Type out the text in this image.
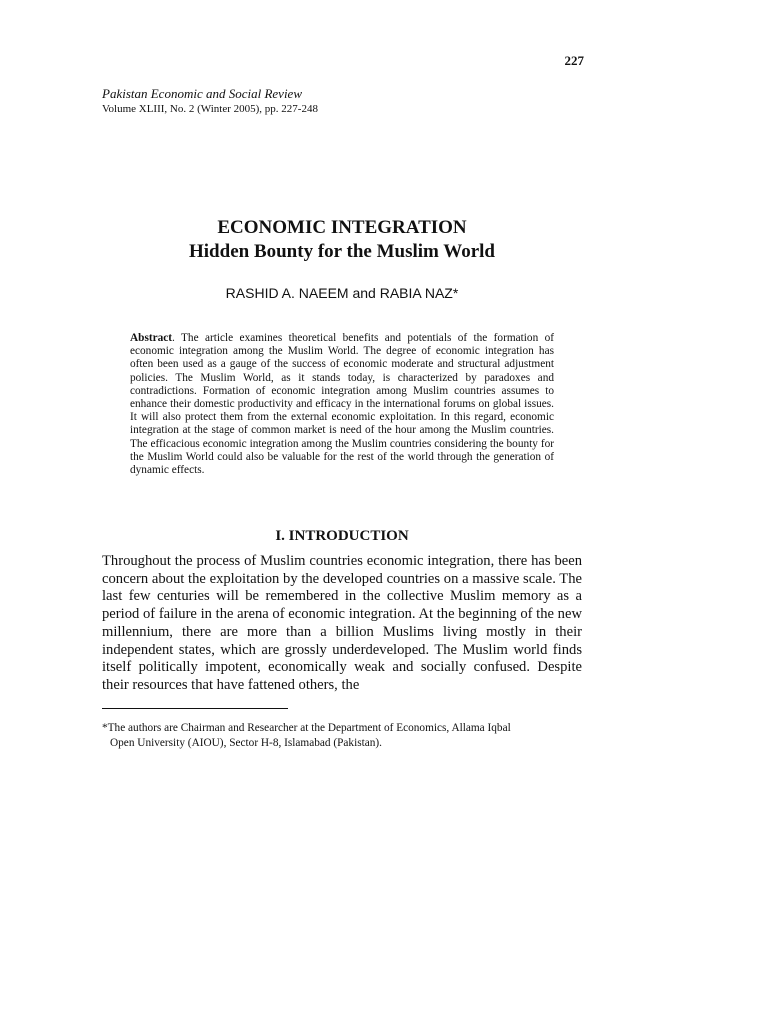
227
Pakistan Economic and Social Review
Volume XLIII, No. 2 (Winter 2005), pp. 227-248
ECONOMIC INTEGRATION
Hidden Bounty for the Muslim World
RASHID A. NAEEM and RABIA NAZ*
Abstract. The article examines theoretical benefits and potentials of the formation of economic integration among the Muslim World. The degree of economic integration has often been used as a gauge of the success of economic moderate and structural adjustment policies. The Muslim World, as it stands today, is characterized by paradoxes and contradictions. Formation of economic integration among Muslim countries assumes to enhance their domestic productivity and efficacy in the international forums on global issues. It will also protect them from the external economic exploitation. In this regard, economic integration at the stage of common market is need of the hour among the Muslim countries. The efficacious economic integration among the Muslim countries considering the bounty for the Muslim World could also be valuable for the rest of the world through the generation of dynamic effects.
I. INTRODUCTION
Throughout the process of Muslim countries economic integration, there has been concern about the exploitation by the developed countries on a massive scale. The last few centuries will be remembered in the collective Muslim memory as a period of failure in the arena of economic integration. At the beginning of the new millennium, there are more than a billion Muslims living mostly in their independent states, which are grossly underdeveloped. The Muslim world finds itself politically impotent, economically weak and socially confused. Despite their resources that have fattened others, the
*The authors are Chairman and Researcher at the Department of Economics, Allama Iqbal
Open University (AIOU), Sector H-8, Islamabad (Pakistan).
